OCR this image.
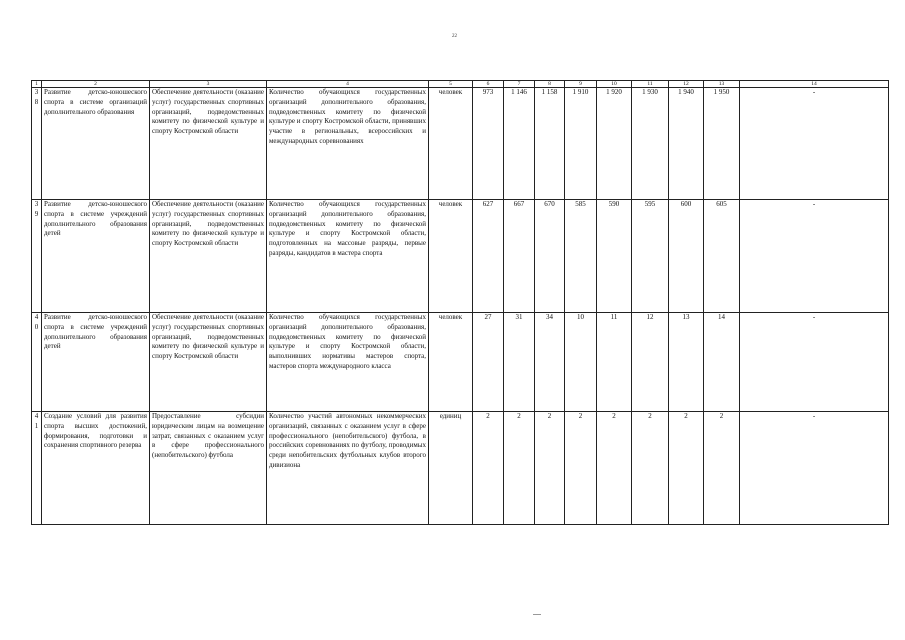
22
1	2	3	4	5	6	7	8	9	10	11	12	13	14
38	Развитие детско-юношеского спорта в системе организаций дополнительного образования	Обеспечение деятельности (оказание услуг) государственных спортивных организаций, подведомственных комитету по физической культуре и спорту Костромской области	Количество обучающихся государственных организаций дополнительного образования, подведомственных комитету по физической культуре и спорту Костромской области, принявших участие в региональных, всероссийских и международных соревнованиях	человек	973	1 146	1 158	1 910	1 920	1 930	1 940	1 950	-
39	Развитие детско-юношеского спорта в системе учреждений дополнительного образования детей	Обеспечение деятельности (оказание услуг) государственных спортивных организаций, подведомственных комитету по физической культуре и спорту Костромской области	Количество обучающихся государственных организаций дополнительного образования, подведомственных комитету по физической культуре и спорту Костромской области, подготовленных на массовые разряды, первые разряды, кандидатов в мастера спорта	человек	627	667	670	585	590	595	600	605	-
40	Развитие детско-юношеского спорта в системе учреждений дополнительного образования детей	Обеспечение деятельности (оказание услуг) государственных спортивных организаций, подведомственных комитету по физической культуре и спорту Костромской области	Количество обучающихся государственных организаций дополнительного образования, подведомственных комитету по физической культуре и спорту Костромской области, выполнивших нормативы мастеров спорта, мастеров спорта международного класса	человек	27	31	34	10	11	12	13	14	-
41	Создание условий для развития спорта высших достижений, формирования, подготовки и сохранения спортивного резерва	Предоставление субсидии юридическим лицам на возмещение затрат, связанных с оказанием услуг в сфере профессионального (непобительского) футбола	Количество участий автономных некоммерческих организаций, связанных с оказанием услуг в сфере профессионального (непобительского) футбола, в российских соревнованиях по футболу, проводимых среди непобительских футбольных клубов второго дивизиона	единиц	2	2	2	2	2	2	2	2	-
